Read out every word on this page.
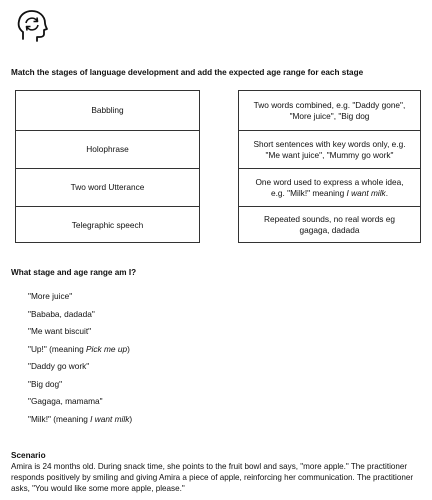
Match the stages of language development and add the expected age range for each stage
Babbling
Holophrase
Two word Utterance
Telegraphic speech
Two words combined, e.g. "Daddy gone",
"More juice", "Big dog
Short sentences with key words only, e.g.
"Me want juice", "Mummy go work"
One word used to express a whole idea,
e.g. "Milk!" meaning I want milk.
Repeated sounds, no real words eg
gagaga, dadada
What stage and age range am I?
"More juice"
"Bababa, dadada"
"Me want biscuit"
"Up!" (meaning Pick me up)
"Daddy go work"
"Big dog"
"Gagaga, mamama"
"Milk!" (meaning I want milk)
Scenario
Amira is 24 months old. During snack time, she points to the fruit bowl and says, "more apple." The practitioner responds positively by smiling and giving Amira a piece of apple, reinforcing her communication. The practitioner asks, "You would like some more apple, please."
